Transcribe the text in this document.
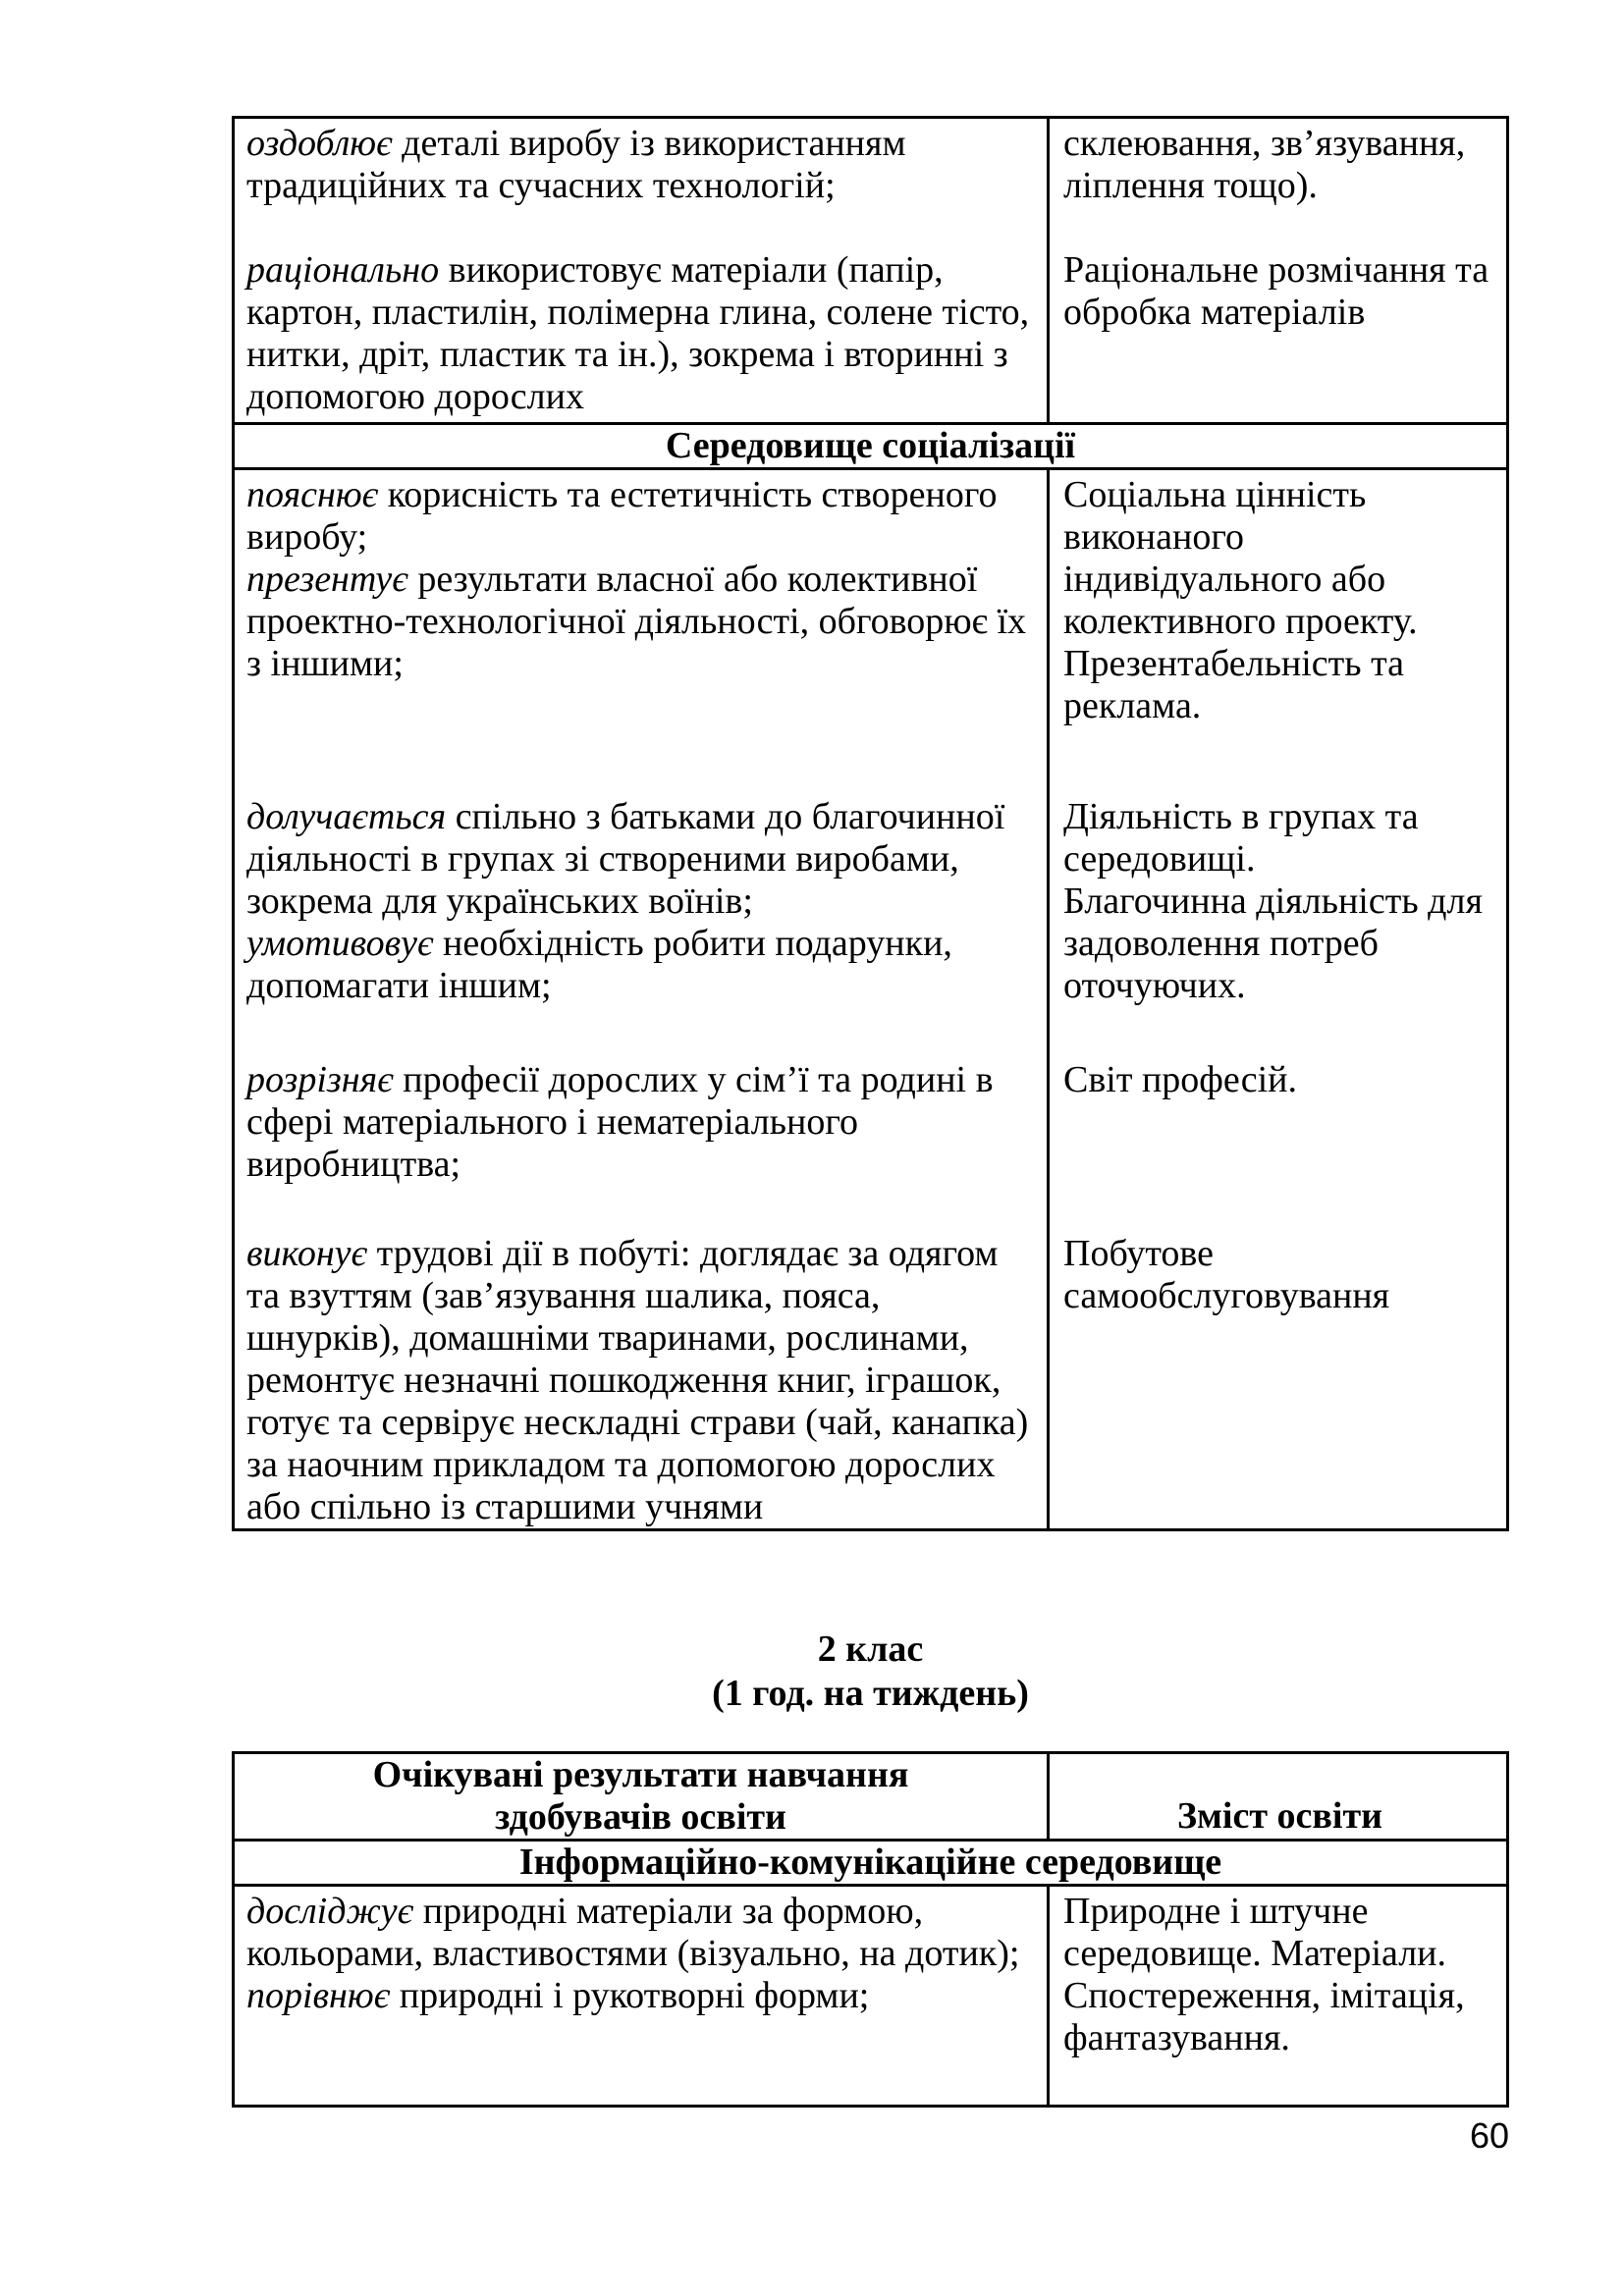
оздоблює деталі виробу із використанням традиційних та сучасних технологій;

раціонально використовує матеріали (папір, картон, пластилін, полімерна глина, солене тісто, нитки, дріт, пластик та ін.), зокрема і вторинні з допомогою дорослих

склеювання, зв’язування, ліплення тощо).

Раціональне розмічання та обробка матеріалів

Середовище соціалізації

пояснює корисність та естетичність створеного виробу;

презентує результати власної або колективної проектно-технологічної діяльності, обговорює їх з іншими;

Соціальна цінність виконаного індивідуального або колективного проекту. Презентабельність та реклама.

долучається спільно з батьками до благочинної діяльності в групах зі створеними виробами, зокрема для українських воїнів;

умотивовує необхідність робити подарунки, допомагати іншим;

Діяльність в групах та середовищі.

Благочинна діяльність для задоволення потреб оточуючих.

розрізняє професії дорослих у сім’ї та родині в сфері матеріального і нематеріального виробництва;

Світ професій.

виконує трудові дії в побуті: доглядає за одягом та взуттям (зав’язування шалика, пояса, шнурків), домашніми тваринами, рослинами, ремонтує незначні пошкодження книг, іграшок, готує та сервірує нескладні страви (чай, канапка) за наочним прикладом та допомогою дорослих або спільно із старшими учнями

Побутове самообслуговування

2 клас
(1 год. на тиждень)
Очікувані результати навчання
здобувачів освіти	Зміст освіти
Інформаційно-комунікаційне середовище

досліджує природні матеріали за формою, кольорами, властивостями (візуально, на дотик);

порівнює природні і рукотворні форми;

Природне і штучне середовище. Матеріали. Спостереження, імітація, фантазування.

60
